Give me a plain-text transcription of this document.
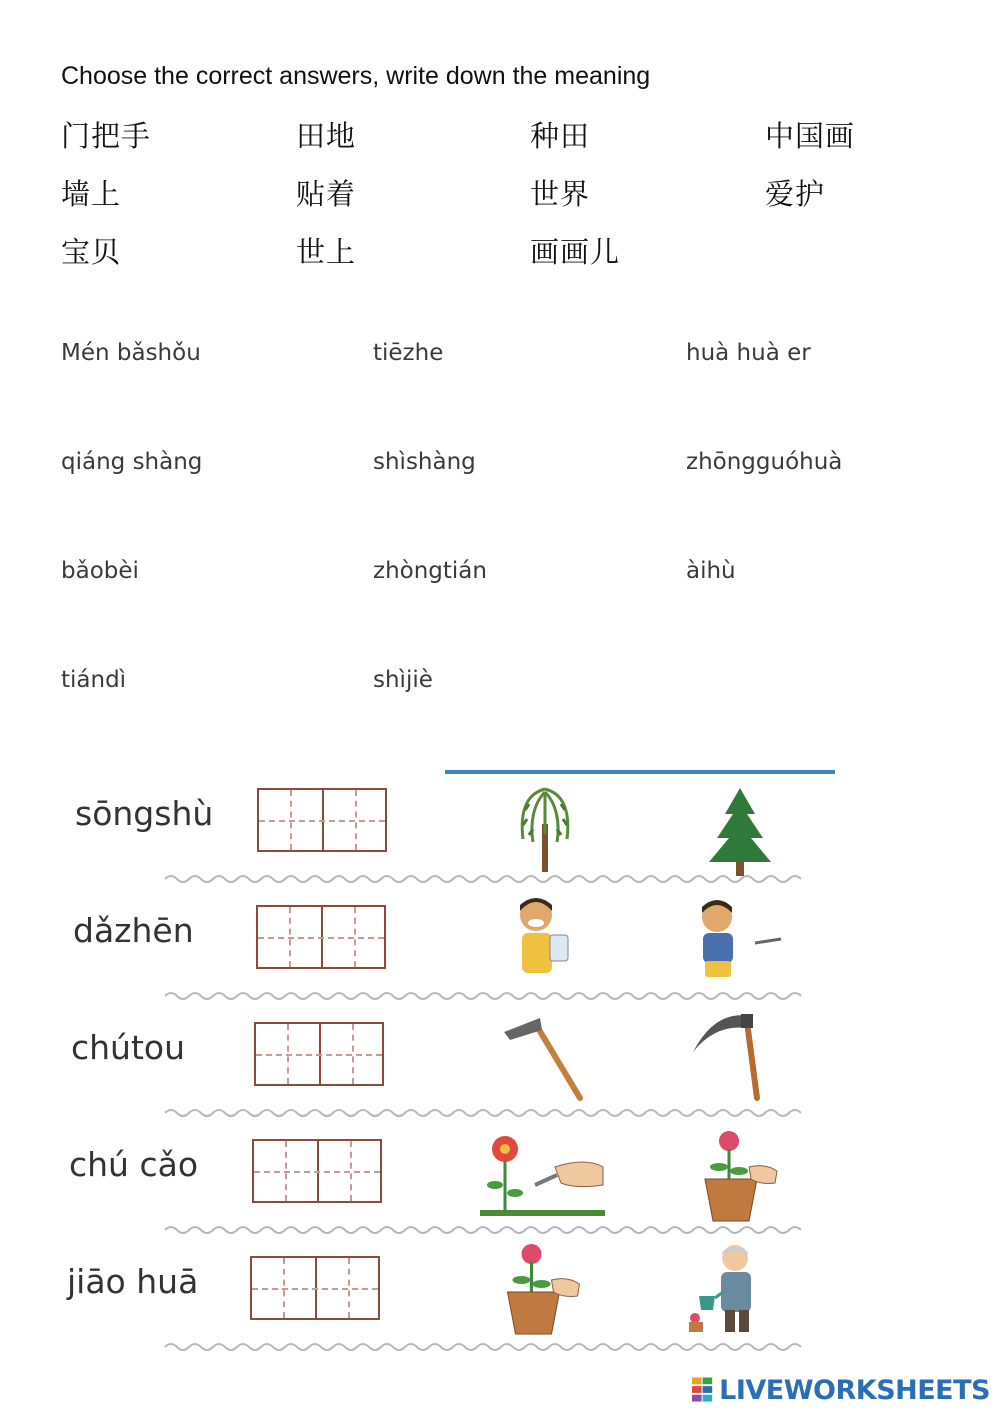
Choose the correct answers, write down the meaning
门把手	田地	种田	中国画
墙上	贴着	世界	爱护
宝贝	世上	画画儿
Mén bǎshǒu	tiēzhe	huà huà er
qiáng shàng	shìshàng	zhōngguóhuà
bǎobèi	zhòngtián	àihù
tiándì	shìjiè
sōngshù
dǎzhēn
chútou
chú cǎo
jiāo huā
LIVEWORKSHEETS
